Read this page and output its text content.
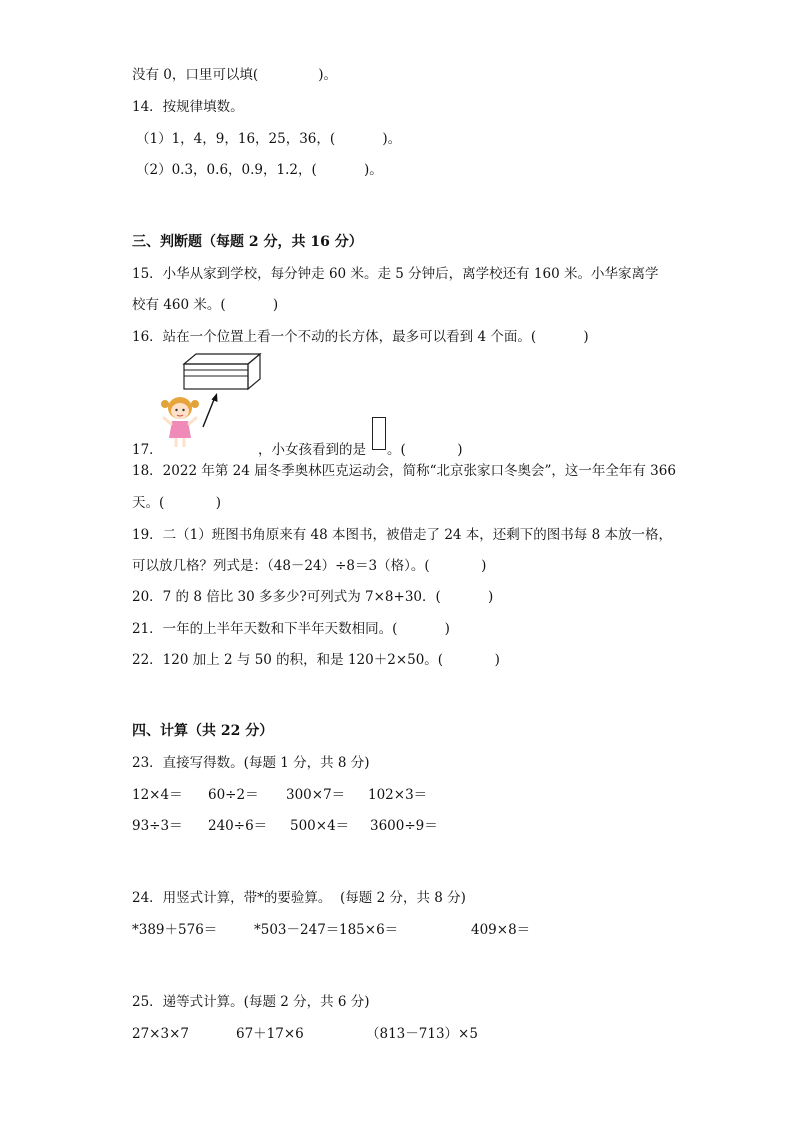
没有 0，口里可以填(              )。
14．按规律填数。
（1）1，4，9，16，25，36，(           )。
（2）0.3，0.6，0.9，1.2，(           )。
三、判断题（每题 2 分，共 16 分）
15．小华从家到学校，每分钟走 60 米。走 5 分钟后，离学校还有 160 米。小华家离学
校有 460 米。(           )
16．站在一个位置上看一个不动的长方体，最多可以看到 4 个面。(           )
17．	，小女孩看到的是 。(            )
18．2022 年第 24 届冬季奥林匹克运动会，简称“北京张家口冬奥会”，这一年全年有 366
天。(            )
19．二（1）班图书角原来有 48 本图书，被借走了 24 本，还剩下的图书每 8 本放一格，
可以放几格？列式是：（48－24）÷8＝3（格）。(            )
20．7 的 8 倍比 30 多多少?可列式为 7×8+30．(           )
21．一年的上半年天数和下半年天数相同。(           )
22．120 加上 2 与 50 的积，和是 120＋2×50。(            )
四、计算（共 22 分）
23．直接写得数。(每题 1 分，共 8 分)
12×4＝ 60÷2＝ 300×7＝ 102×3＝
93÷3＝ 240÷6＝ 500×4＝ 3600÷9＝
24．用竖式计算，带*的要验算。  (每题 2 分，共 8 分)
*389＋576＝	*503－247＝ 185×6＝	409×8＝
25．递等式计算。(每题 2 分，共 6 分)
27×3×7	67＋17×6	（813－713）×5
